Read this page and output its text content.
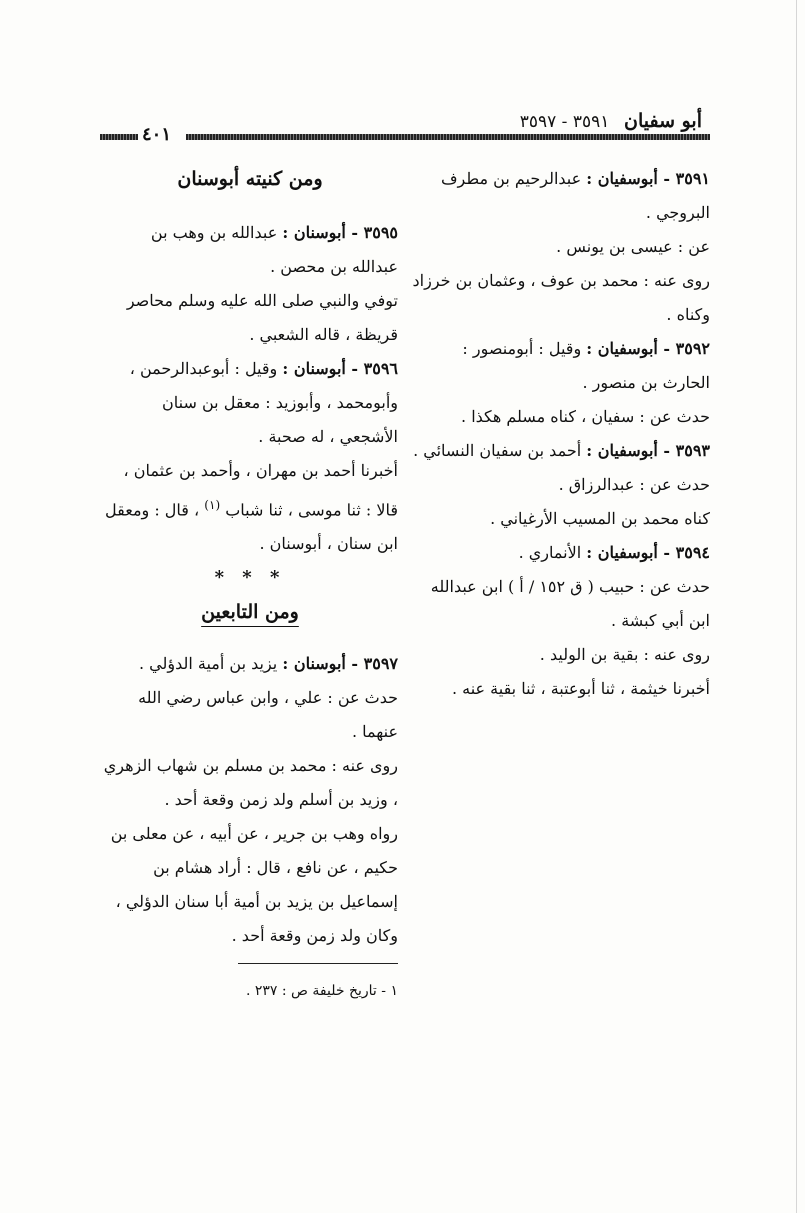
أبو سفيان ٣٥٩١ - ٣٥٩٧
٤٠١

٣٥٩١ - أبوسفيان : عبدالرحيم بن مطرف البروجي .

عن : عيسى بن يونس .

روى عنه : محمد بن عوف ، وعثمان بن خرزاد وكناه .

٣٥٩٢ - أبوسفيان : وقيل : أبومنصور : الحارث بن منصور .

حدث عن : سفيان ، كناه مسلم هكذا .

٣٥٩٣ - أبوسفيان : أحمد بن سفيان النسائي .

حدث عن : عبدالرزاق .

كناه محمد بن المسيب الأرغياني .

٣٥٩٤ - أبوسفيان : الأنماري .

حدث عن : حبيب ( ق ١٥٢ / أ ) ابن عبدالله ابن أبي كبشة .

روى عنه : بقية بن الوليد .

أخبرنا خيثمة ، ثنا أبوعتبة ، ثنا بقية عنه .

ومن كنيته أبوسنان

٣٥٩٥ - أبوسنان : عبدالله بن وهب بن عبدالله بن محصن .

توفي والنبي صلى الله عليه وسلم محاصر قريظة ، قاله الشعبي .

٣٥٩٦ - أبوسنان : وقيل : أبوعبدالرحمن ، وأبومحمد ، وأبوزيد : معقل بن سنان الأشجعي ، له صحبة .

أخبرنا أحمد بن مهران ، وأحمد بن عثمان ، قالا : ثنا موسى ، ثنا شباب $^{(١)}$ ، قال : ومعقل ابن سنان ، أبوسنان .

* * *

ومن التابعين

٣٥٩٧ - أبوسنان : يزيد بن أمية الدؤلي .

حدث عن : علي ، وابن عباس رضي الله عنهما .

روى عنه : محمد بن مسلم بن شهاب الزهري ، وزيد بن أسلم ولد زمن وقعة أحد .

رواه وهب بن جرير ، عن أبيه ، عن معلى بن حكيم ، عن نافع ، قال : أراد هشام بن إسماعيل بن يزيد بن أمية أبا سنان الدؤلي ، وكان ولد زمن وقعة أحد .

١ - تاريخ خليفة ص : ٢٣٧ .
